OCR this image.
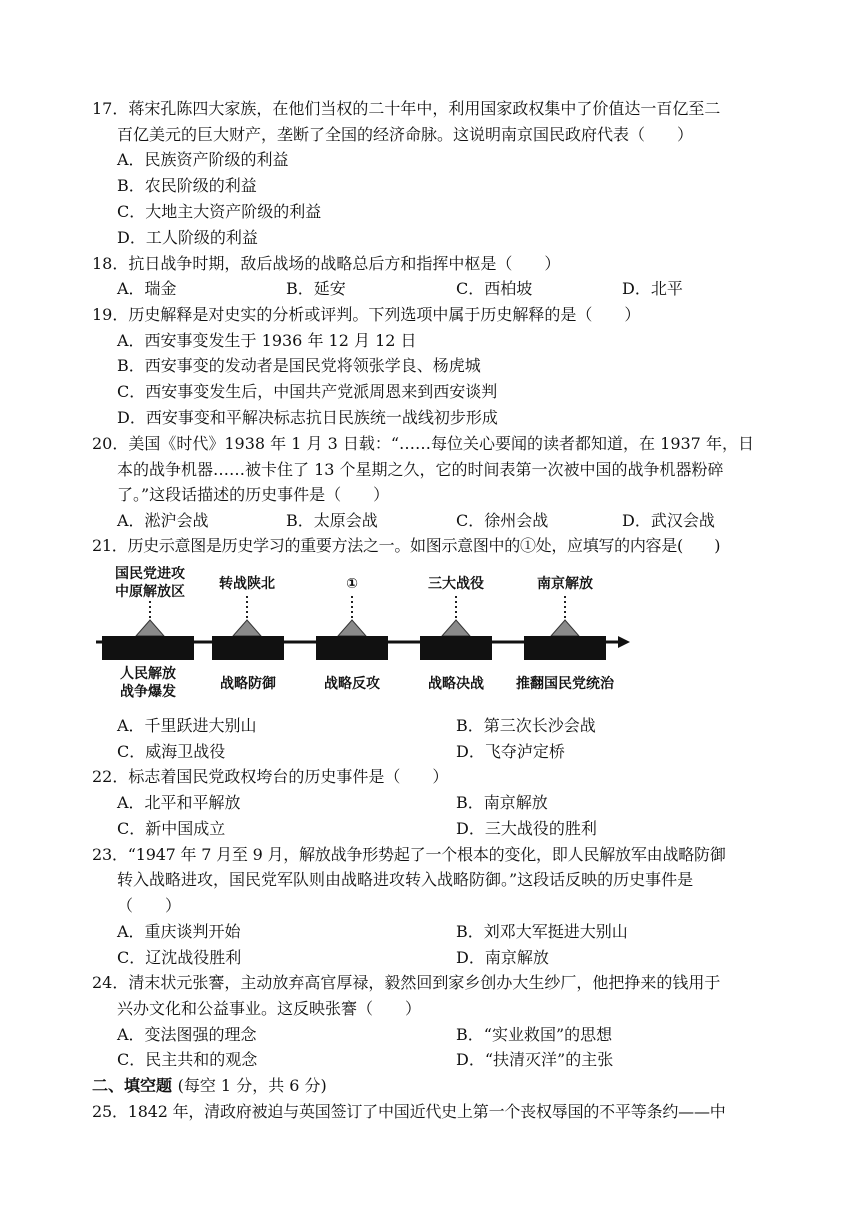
17．蒋宋孔陈四大家族，在他们当权的二十年中，利用国家政权集中了价值达一百亿至二
百亿美元的巨大财产，垄断了全国的经济命脉。这说明南京国民政府代表（　　）
A．民族资产阶级的利益
B．农民阶级的利益
C．大地主大资产阶级的利益
D．工人阶级的利益
18．抗日战争时期，敌后战场的战略总后方和指挥中枢是（　　）
A．瑞金	B．延安	C．西柏坡	D．北平
19．历史解释是对史实的分析或评判。下列选项中属于历史解释的是（　　）
A．西安事变发生于 1936 年 12 月 12 日
B．西安事变的发动者是国民党将领张学良、杨虎城
C．西安事变发生后，中国共产党派周恩来到西安谈判
D．西安事变和平解决标志抗日民族统一战线初步形成
20．美国《时代》1938 年 1 月 3 日载：“……每位关心要闻的读者都知道，在 1937 年，日
本的战争机器……被卡住了 13 个星期之久，它的时间表第一次被中国的战争机器粉碎
了。”这段话描述的历史事件是（　　）
A．淞沪会战	B．太原会战	C．徐州会战	D．武汉会战
21．历史示意图是历史学习的重要方法之一。如图示意图中的①处，应填写的内容是(　　)
国民党进攻
中原解放区 转战陕北	①	三大战役	南京解放
人民解放
战争爆发	战略防御	战略反攻	战略决战 推翻国民党统治
A．千里跃进大别山	B．第三次长沙会战
C．威海卫战役	D．飞夺泸定桥
22．标志着国民党政权垮台的历史事件是（　　）
A．北平和平解放	B．南京解放
C．新中国成立	D．三大战役的胜利
23．“1947 年 7 月至 9 月，解放战争形势起了一个根本的变化，即人民解放军由战略防御
转入战略进攻，国民党军队则由战略进攻转入战略防御。”这段话反映的历史事件是
（　　）
A．重庆谈判开始	B．刘邓大军挺进大别山
C．辽沈战役胜利	D．南京解放
24．清末状元张謇，主动放弃高官厚禄，毅然回到家乡创办大生纱厂，他把挣来的钱用于
兴办文化和公益事业。这反映张謇（　　）
A．变法图强的理念	B．“实业救国”的思想
C．民主共和的观念	D．“扶清灭洋”的主张
二、填空题 (每空 1 分，共 6 分)
25．1842 年，清政府被迫与英国签订了中国近代史上第一个丧权辱国的不平等条约——中
